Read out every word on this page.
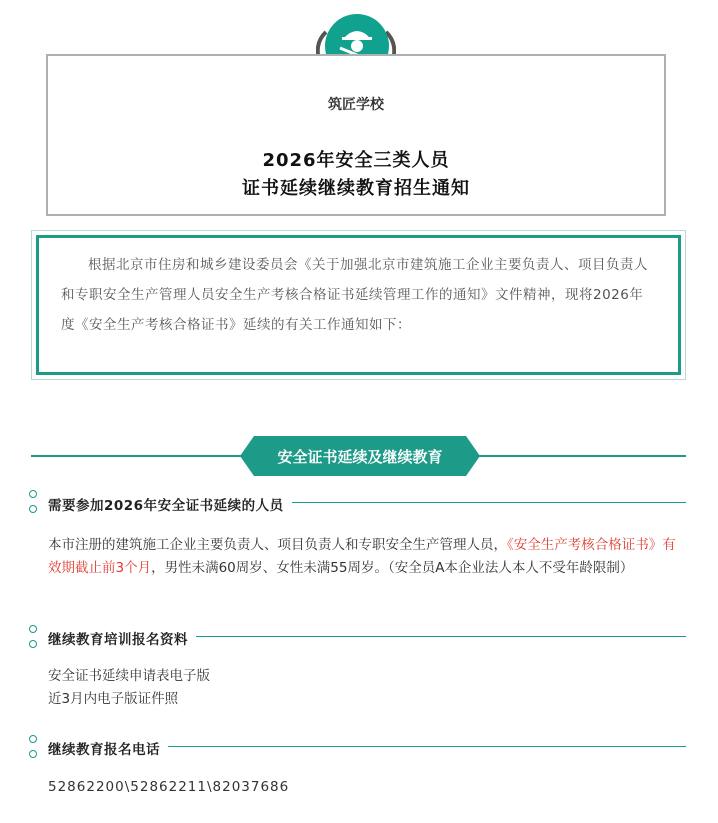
筑匠学校
2026年安全三类人员
证书延续继续教育招生通知
根据北京市住房和城乡建设委员会《关于加强北京市建筑施工企业主要负责人、项目负责人和专职安全生产管理人员安全生产考核合格证书延续管理工作的通知》文件精神，现将2026年度《安全生产考核合格证书》延续的有关工作通知如下：
安全证书延续及继续教育
需要参加2026年安全证书延续的人员
本市注册的建筑施工企业主要负责人、项目负责人和专职安全生产管理人员，《安全生产考核合格证书》有效期截止前3个月，男性未满60周岁、女性未满55周岁。（安全员A本企业法人本人不受年龄限制）
继续教育培训报名资料
安全证书延续申请表电子版
近3月内电子版证件照
继续教育报名电话
52862200\52862211\82037686
